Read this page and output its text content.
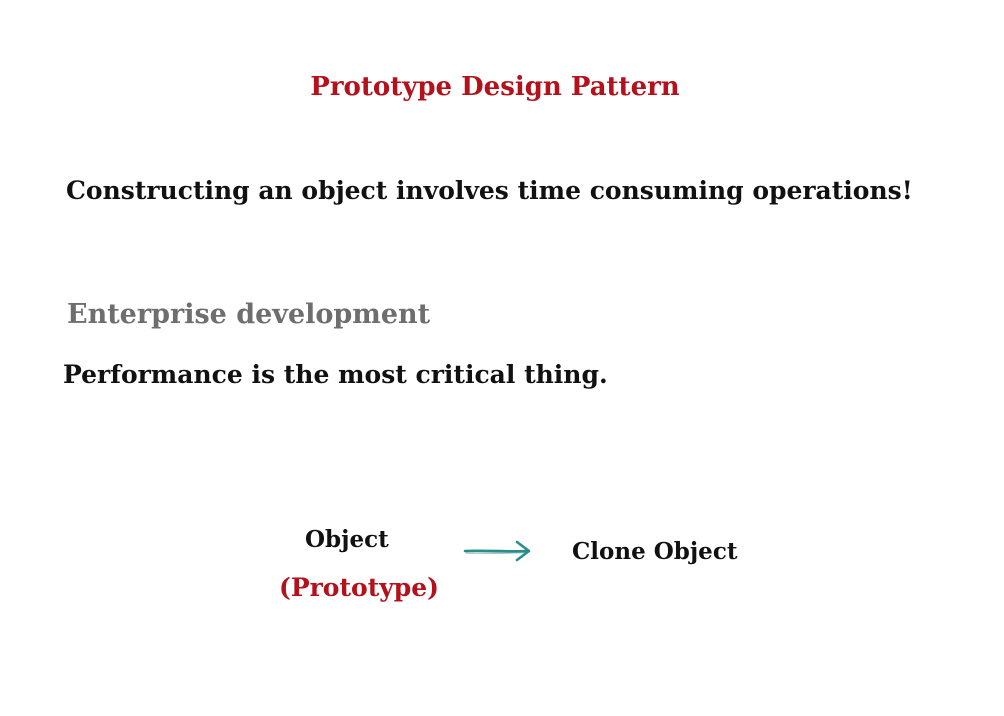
Prototype Design Pattern
Constructing an object involves time consuming operations!
Enterprise development
Performance is the most critical thing.
Object
(Prototype)
Clone Object
